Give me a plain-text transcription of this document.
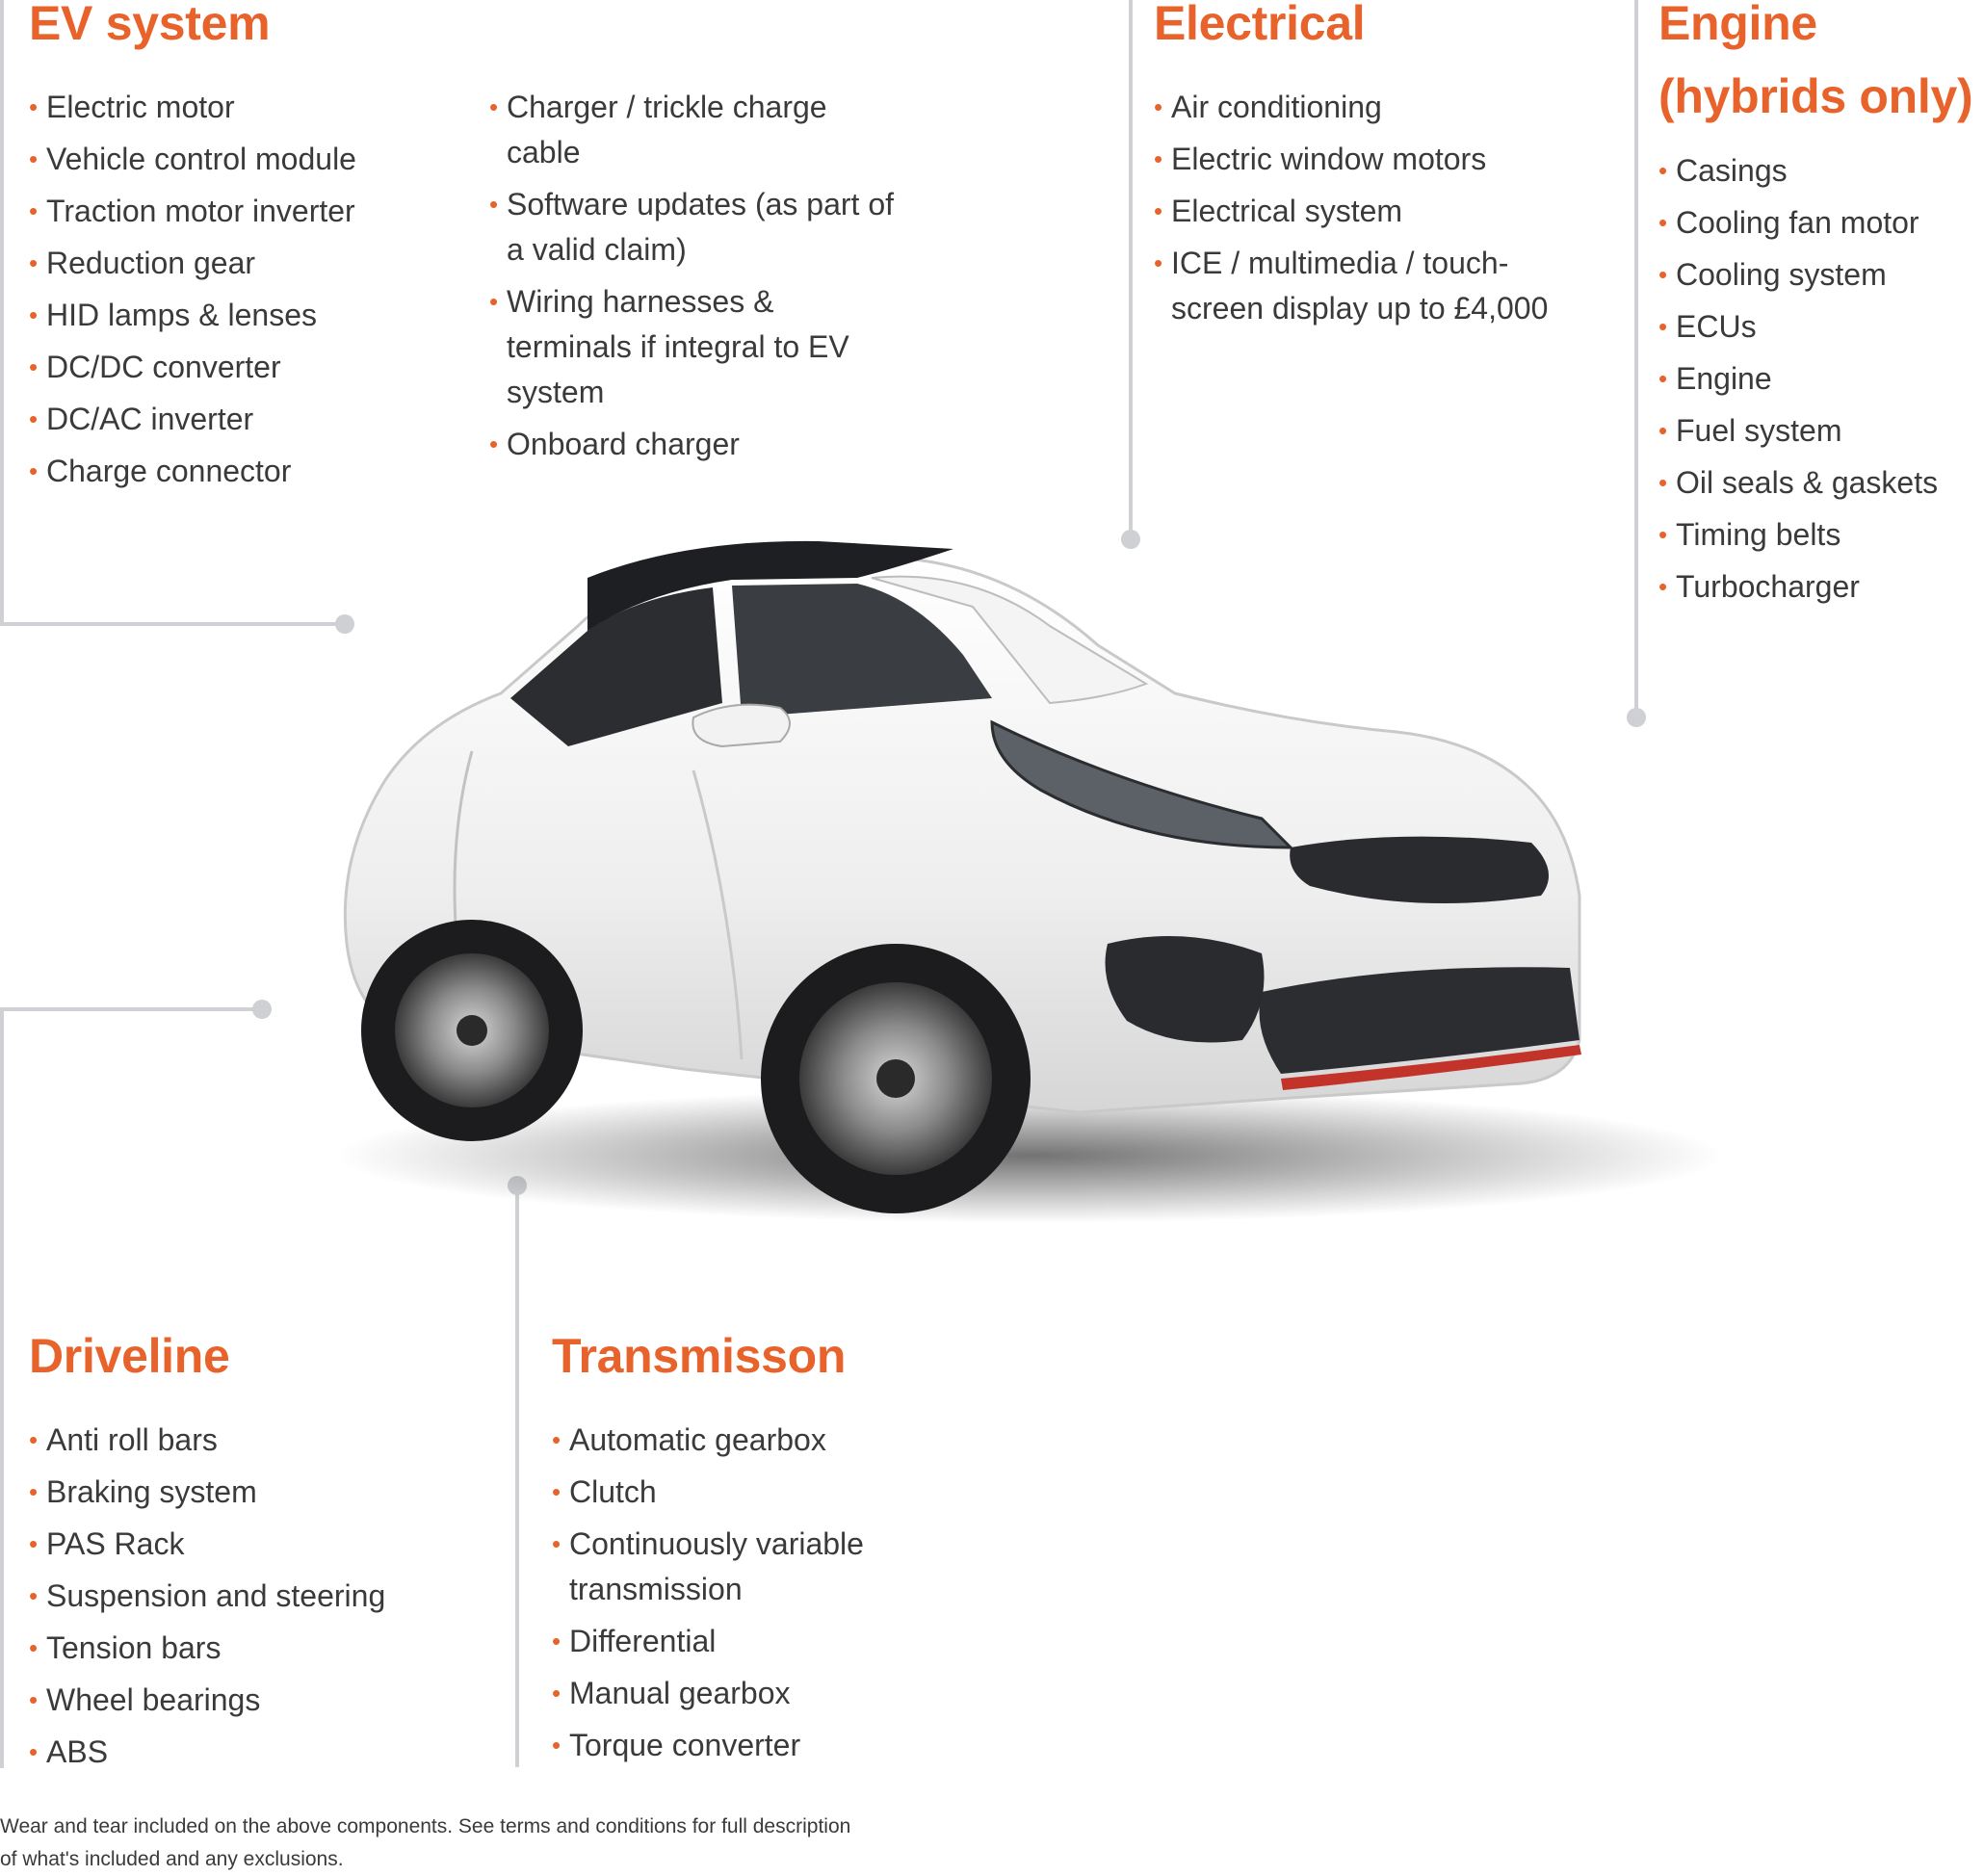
EV system
• Electric motor
• Vehicle control module
• Traction motor inverter
• Reduction gear
• HID lamps & lenses
• DC/DC converter
• DC/AC inverter
• Charge connector
• Charger / trickle charge cable
• Software updates (as part of a valid claim)
• Wiring harnesses & terminals if integral to EV system
• Onboard charger
Electrical
• Air conditioning
• Electric window motors
• Electrical system
• ICE / multimedia / touch-screen display up to £4,000
Engine (hybrids only)
• Casings
• Cooling fan motor
• Cooling system
• ECUs
• Engine
• Fuel system
• Oil seals & gaskets
• Timing belts
• Turbocharger
Driveline
• Anti roll bars
• Braking system
• PAS Rack
• Suspension and steering
• Tension bars
• Wheel bearings
• ABS
Transmisson
• Automatic gearbox
• Clutch
• Continuously variable transmission
• Differential
• Manual gearbox
• Torque converter
Wear and tear included on the above components. See terms and conditions for full description of what's included and any exclusions.
